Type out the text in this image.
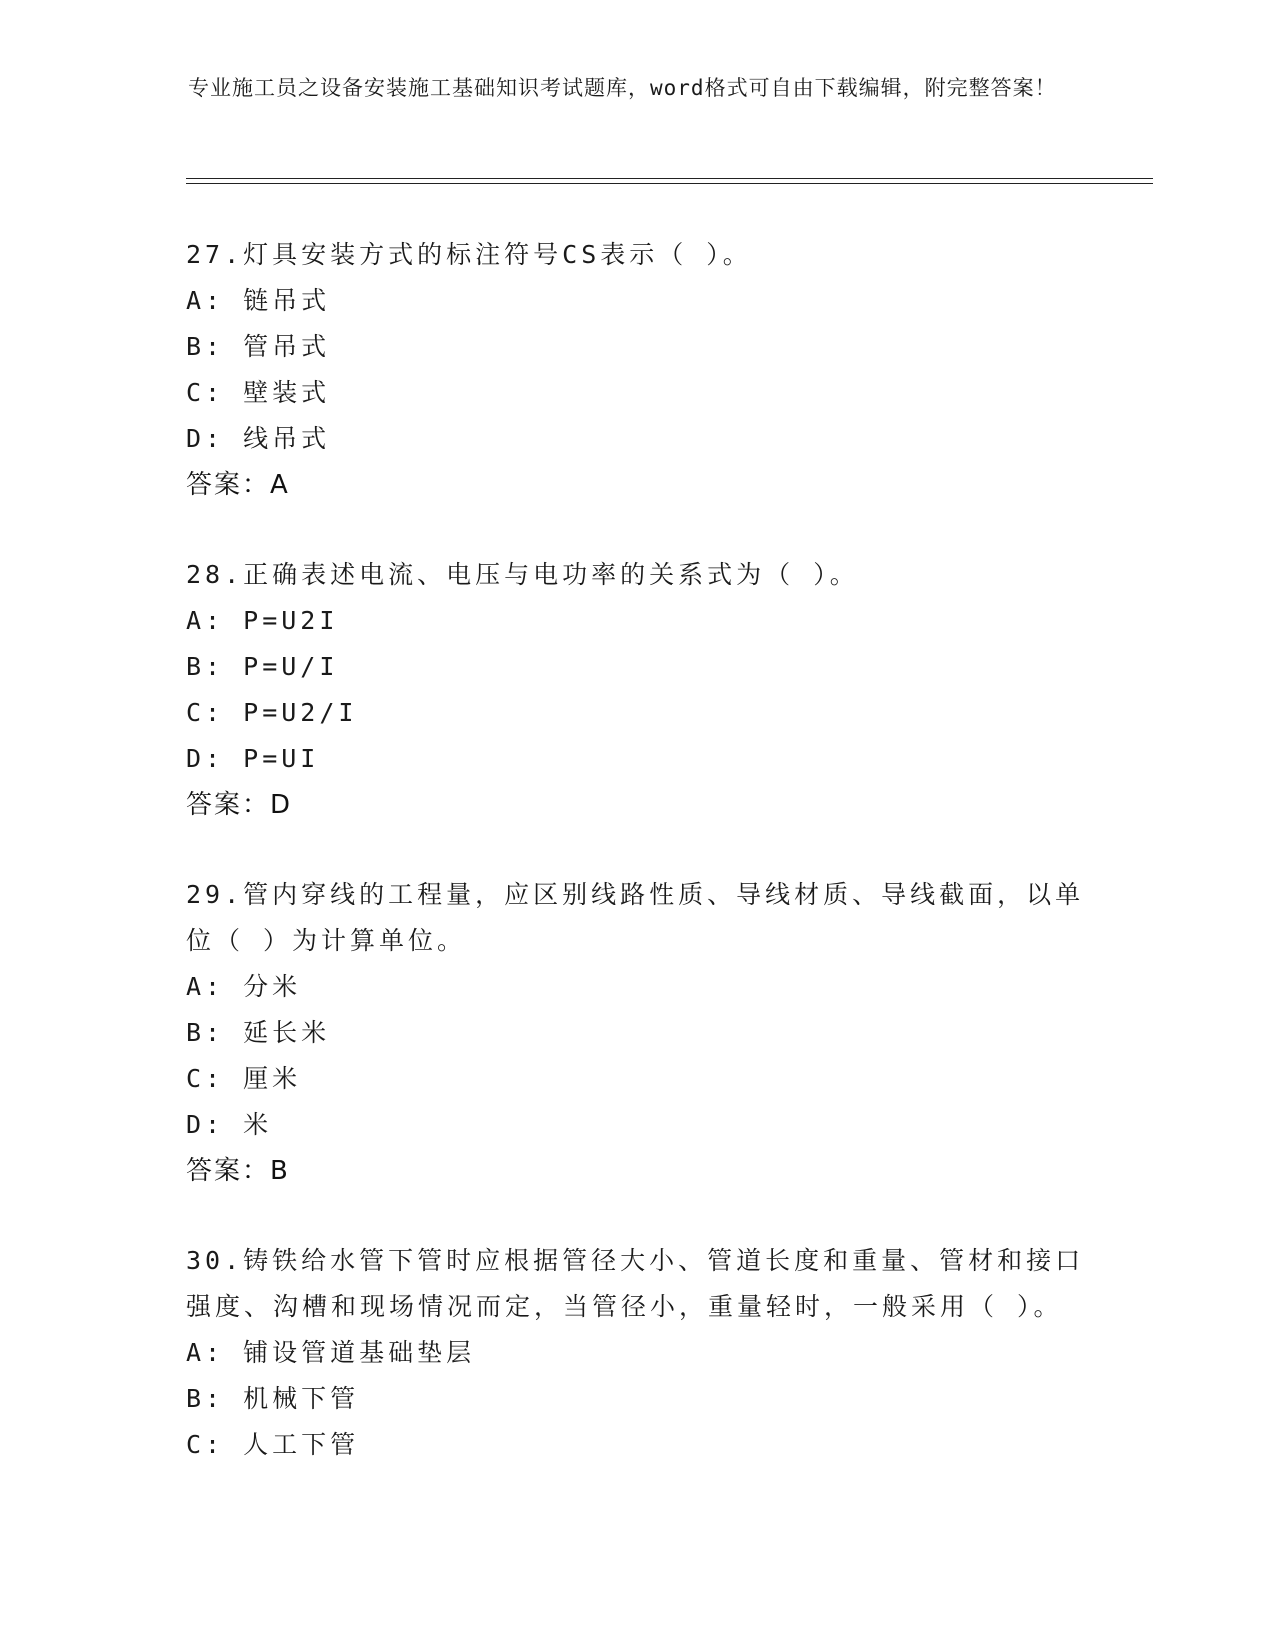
专业施工员之设备安装施工基础知识考试题库，word格式可自由下载编辑，附完整答案！
27.灯具安装方式的标注符号CS表示（ ）。
A: 链吊式
B: 管吊式
C: 壁装式
D: 线吊式
答案：A
28.正确表述电流、电压与电功率的关系式为（ ）。
A: P=U2I
B: P=U/I
C: P=U2/I
D: P=UI
答案：D
29.管内穿线的工程量，应区别线路性质、导线材质、导线截面，以单位（ ）为计算单位。
A: 分米
B: 延长米
C: 厘米
D: 米
答案：B
30.铸铁给水管下管时应根据管径大小、管道长度和重量、管材和接口强度、沟槽和现场情况而定，当管径小，重量轻时，一般采用（ ）。
A: 铺设管道基础垫层
B: 机械下管
C: 人工下管
